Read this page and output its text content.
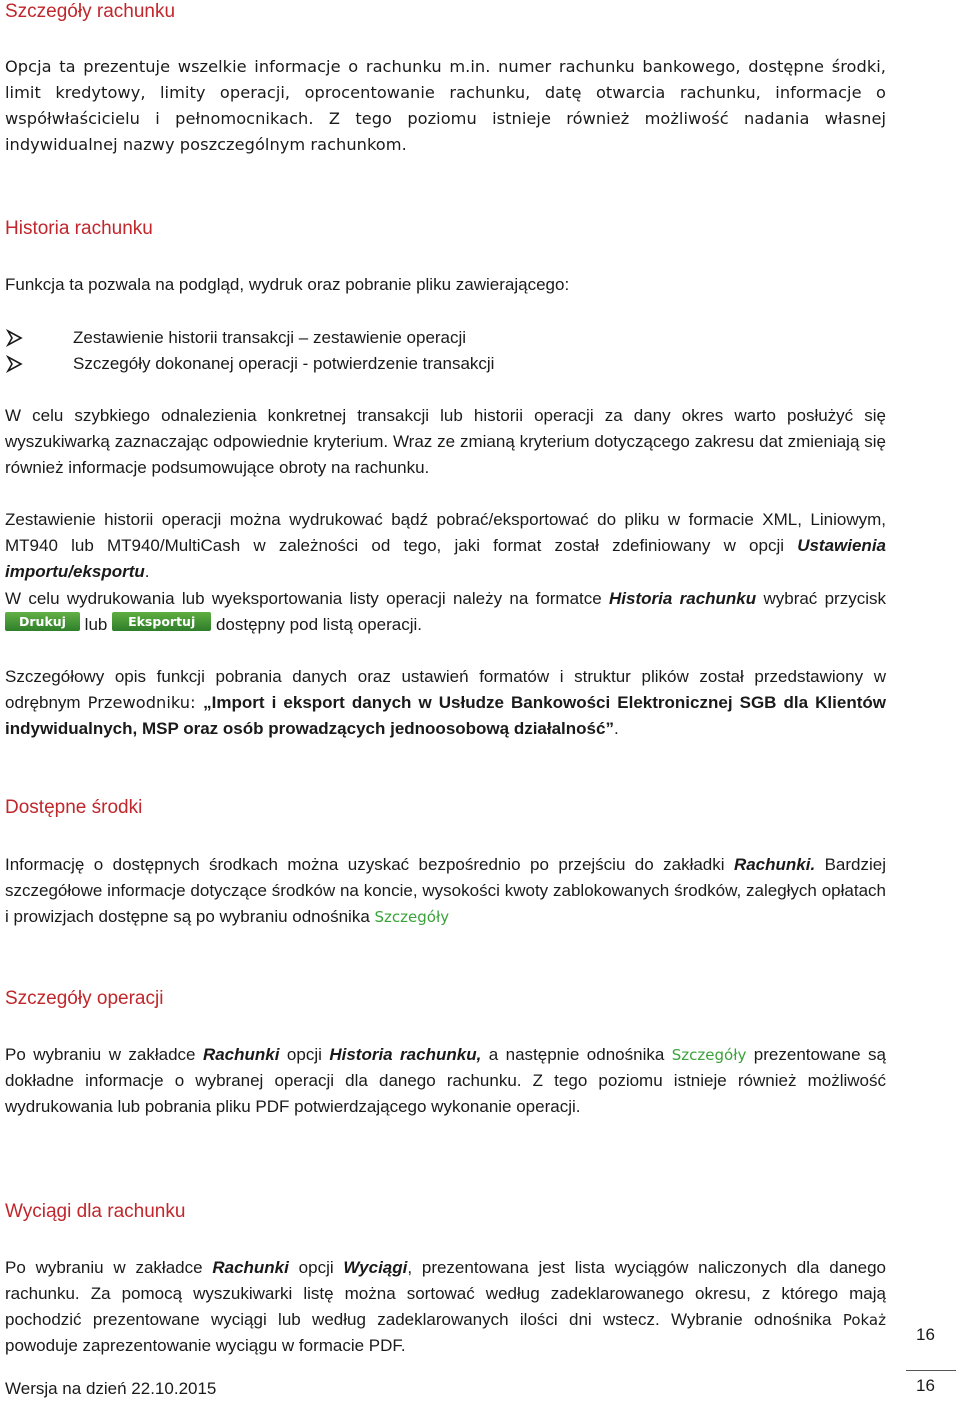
Szczegóły rachunku

Opcja ta prezentuje wszelkie informacje o rachunku m.in. numer rachunku bankowego, dostępne środki, limit kredytowy, limity operacji, oprocentowanie rachunku, datę otwarcia rachunku, informacje o współwłaścicielu i pełnomocnikach. Z tego poziomu istnieje również możliwość nadania własnej indywidualnej nazwy poszczególnym rachunkom.

Historia rachunku

Funkcja ta pozwala na podgląd, wydruk oraz pobranie pliku zawierającego:

Zestawienie historii transakcji – zestawienie operacji
Szczegóły dokonanej operacji - potwierdzenie transakcji

W celu szybkiego odnalezienia konkretnej transakcji lub historii operacji za dany okres warto posłużyć się wyszukiwarką zaznaczając odpowiednie kryterium. Wraz ze zmianą kryterium dotyczącego zakresu dat zmieniają się również informacje podsumowujące obroty na rachunku.

Zestawienie historii operacji można wydrukować bądź pobrać/eksportować do pliku w formacie XML, Liniowym, MT940 lub MT940/MultiCash w zależności od tego, jaki format został zdefiniowany w opcji Ustawienia importu/eksportu.

W celu wydrukowania lub wyeksportowania listy operacji należy na formatce Historia rachunku wybrać przycisk Drukuj lub Eksportuj dostępny pod listą operacji.

Szczegółowy opis funkcji pobrania danych oraz ustawień formatów i struktur plików został przedstawiony w odrębnym Przewodniku: „Import i eksport danych w Usłudze Bankowości Elektronicznej SGB dla Klientów indywidualnych, MSP oraz osób prowadzących jednoosobową działalność”.

Dostępne środki

Informację o dostępnych środkach można uzyskać bezpośrednio po przejściu do zakładki Rachunki. Bardziej szczegółowe informacje dotyczące środków na koncie, wysokości kwoty zablokowanych środków, zaległych opłatach i prowizjach dostępne są po wybraniu odnośnika Szczegóły

Szczegóły operacji

Po wybraniu w zakładce Rachunki opcji Historia rachunku, a następnie odnośnika Szczegóły prezentowane są dokładne informacje o wybranej operacji dla danego rachunku. Z tego poziomu istnieje również możliwość wydrukowania lub pobrania pliku PDF potwierdzającego wykonanie operacji.

Wyciągi dla rachunku

Po wybraniu w zakładce Rachunki opcji Wyciągi, prezentowana jest lista wyciągów naliczonych dla danego rachunku. Za pomocą wyszukiwarki listę można sortować według zadeklarowanego okresu, z którego mają pochodzić prezentowane wyciągi lub według zadeklarowanych ilości dni wstecz. Wybranie odnośnika Pokaż powoduje zaprezentowanie wyciągu w formacie PDF.

Wersja na dzień 22.10.2015
16
16
